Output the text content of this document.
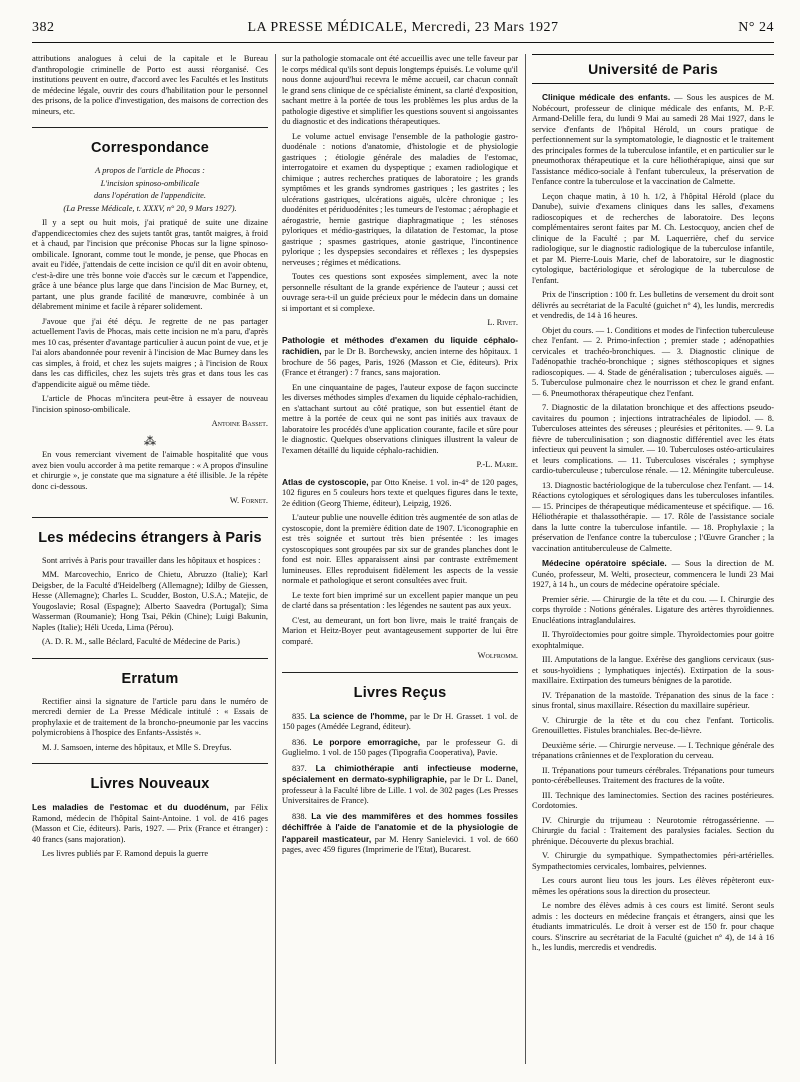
382	LA PRESSE MÉDICALE, Mercredi, 23 Mars 1927	N° 24

attributions analogues à celui de la capitale et le Bureau d'anthropologie criminelle de Porto est aussi réorganisé. Ces institutions peuvent en outre, d'accord avec les Facultés et les Instituts de médecine légale, ouvrir des cours d'habilitation pour le personnel des prisons, de la police d'investigation, des maisons de correction des mineurs, etc.

Correspondance

A propos de l'article de Phocas :

L'incision spinoso-ombilicale

dans l'opération de l'appendicite.

(La Presse Médicale, t. XXXV, n° 20, 9 Mars 1927).

Il y a sept ou huit mois, j'ai pratiqué de suite une dizaine d'appendicectomies chez des sujets tantôt gras, tantôt maigres, à froid et à chaud, par l'incision que préconise Phocas sur la ligne spinoso-ombilicale. Ignorant, comme tout le monde, je pense, que Phocas en avait eu l'idée, j'attendais de cette incision ce qu'il dit en avoir obtenu, c'est-à-dire une très bonne voie d'accès sur le cæcum et l'appendice, grâce à une béance plus large que dans l'incision de Mac Burney, et, partant, une plus grande facilité de manœuvre, combinée à un délabrement minime et facile à réparer solidement.

J'avoue que j'ai été déçu. Je regrette de ne pas partager actuellement l'avis de Phocas, mais cette incision ne m'a paru, d'après mes 10 cas, présenter d'avantage particulier à aucun point de vue, et je l'ai alors abandonnée pour revenir à l'incision de Mac Burney dans les cas simples, à froid, et chez les sujets maigres ; à l'incision de Roux dans les cas difficiles, chez les sujets très gras et dans tous les cas d'appendicite aiguë ou même tiède.

L'article de Phocas m'incitera peut-être à essayer de nouveau l'incision spinoso-ombilicale.

Antoine Basset.

⁂

En vous remerciant vivement de l'aimable hospitalité que vous avez bien voulu accorder à ma petite remarque : « A propos d'insuline et chirurgie », je constate que ma signature a été illisible. Je la répète donc ci-dessous.

W. Fornet.

Les médecins étrangers à Paris

Sont arrivés à Paris pour travailler dans les hôpitaux et hospices :

MM. Marcovechio, Enrico de Chietu, Abruzzo (Italie); Karl Deigsber, de la Faculté d'Heidelberg (Allemagne); Idilby de Giessen, Hesse (Allemagne); Charles L. Scudder, Boston, U.S.A.; Matejic, de Yougoslavie; Rosal (Espagne); Alberto Saavedra (Portugal); Sima Wasserman (Roumanie); Hong Tsai, Pékin (Chine); Luigi Bakunin, Naples (Italie); Héli Uceda, Lima (Pérou).

(A. D. R. M., salle Béclard, Faculté de Médecine de Paris.)

Erratum

Rectifier ainsi la signature de l'article paru dans le numéro de mercredi dernier de La Presse Médicale intitulé : « Essais de prophylaxie et de traitement de la broncho-pneumonie par les vaccins polymicrobiens à l'hospice des Enfants-Assistés ».

M. J. Samsoen, interne des hôpitaux, et Mlle S. Dreyfus.

Livres Nouveaux

Les maladies de l'estomac et du duodénum, par Félix Ramond, médecin de l'hôpital Saint-Antoine. 1 vol. de 416 pages (Masson et Cie, éditeurs). Paris, 1927. — Prix (France et étranger) : 40 francs (sans majoration).

Les livres publiés par F. Ramond depuis la guerre

sur la pathologie stomacale ont été accueillis avec une telle faveur par le corps médical qu'ils sont depuis longtemps épuisés. Le volume qu'il nous donne aujourd'hui recevra le même accueil, car chacun connaît le grand sens clinique de ce spécialiste éminent, sa clarté d'exposition, sachant mettre à la portée de tous les problèmes les plus ardus de la pathologie digestive et simplifier les questions souvent si angoissantes du diagnostic et des indications thérapeutiques.

Le volume actuel envisage l'ensemble de la pathologie gastro-duodénale : notions d'anatomie, d'histologie et de physiologie gastriques ; étiologie générale des maladies de l'estomac, interrogatoire et examen du dyspeptique ; examen radiologique et chimique ; autres recherches pratiques de laboratoire ; les grands symptômes et les grands syndromes gastriques ; les gastrites ; les ulcérations gastriques, ulcérations aiguës, ulcère chronique ; les duodénites et périduodénites ; les tumeurs de l'estomac ; aérophagie et aérogastrie, hernie gastrique diaphragmatique ; les sténoses pyloriques et médio-gastriques, la dilatation de l'estomac, la ptose gastrique ; spasmes gastriques, atonie gastrique, l'incontinence pylorique ; les dyspepsies secondaires et réflexes ; les dyspepsies nerveuses ; régimes et médications.

Toutes ces questions sont exposées simplement, avec la note personnelle résultant de la grande expérience de l'auteur ; aussi cet ouvrage sera-t-il un guide précieux pour le médecin dans un domaine si important et si complexe.

L. Rivet.

Pathologie et méthodes d'examen du liquide céphalo-rachidien, par le Dr B. Borchewsky, ancien interne des hôpitaux. 1 brochure de 56 pages, Paris, 1926 (Masson et Cie, éditeurs). Prix (France et étranger) : 7 francs, sans majoration.

En une cinquantaine de pages, l'auteur expose de façon succincte les diverses méthodes simples d'examen du liquide céphalo-rachidien, en s'attachant surtout au côté pratique, son but essentiel étant de mettre à la portée de ceux qui ne sont pas initiés aux travaux de laboratoire les procédés d'une application courante, facile et sûre pour le diagnostic. Quelques observations cliniques illustrent la valeur de l'examen détaillé du liquide céphalo-rachidien.

P.-L. Marie.

Atlas de cystoscopie, par Otto Kneise. 1 vol. in-4° de 120 pages, 102 figures en 5 couleurs hors texte et quelques figures dans le texte, 2e édition (Georg Thieme, éditeur), Leipzig, 1926.

L'auteur publie une nouvelle édition très augmentée de son atlas de cystoscopie, dont la première édition date de 1907. L'iconographie en est très soignée et surtout très bien présentée : les images cystoscopiques sont groupées par six sur de grandes planches dont le fond est noir. Elles apparaissent ainsi par contraste extrêmement lumineuses. Elles reproduisent fidèlement les aspects de la vessie normale et pathologique et seront consultées avec fruit.

Le texte fort bien imprimé sur un excellent papier manque un peu de clarté dans sa présentation : les légendes ne sautent pas aux yeux.

C'est, au demeurant, un fort bon livre, mais le traité français de Marion et Heitz-Boyer peut avantageusement supporter de lui être comparé.

Wolfromm.

Livres Reçus

835. La science de l'homme, par le Dr H. Grasset. 1 vol. de 150 pages (Amédée Legrand, éditeur).

836. Le porpore emorragiche, par le professeur G. di Guglielmo. 1 vol. de 150 pages (Tipografia Cooperativa), Pavie.

837. La chimiothérapie anti infectieuse moderne, spécialement en dermato-syphiligraphie, par le Dr L. Danel, professeur à la Faculté libre de Lille. 1 vol. de 302 pages (Les Presses Universitaires de France).

838. La vie des mammifères et des hommes fossiles déchiffrée à l'aide de l'anatomie et de la physiologie de l'appareil masticateur, par M. Henry Sanielevici. 1 vol. de 660 pages, avec 459 figures (Imprimerie de l'Etat), Bucarest.

Université de Paris

Clinique médicale des enfants. — Sous les auspices de M. Nobécourt, professeur de clinique médicale des enfants, M. P.-F. Armand-Delille fera, du lundi 9 Mai au samedi 28 Mai 1927, dans le service d'enfants de l'hôpital Hérold, un cours pratique de perfectionnement sur la symptomatologie, le diagnostic et le traitement des principales formes de la tuberculose infantile, et en particulier sur le pneumothorax thérapeutique et la cure héliothérapique, ainsi que sur l'assistance médico-sociale à l'enfant tuberculeux, la préservation de l'enfance contre la tuberculose et la vaccination de Calmette.

Leçon chaque matin, à 10 h. 1/2, à l'hôpital Hérold (place du Danube), suivie d'examens cliniques dans les salles, d'examens radioscopiques et de recherches de laboratoire. Des leçons complémentaires seront faites par M. Ch. Lestocquoy, ancien chef de clinique de la Faculté ; par M. Laquerrière, chef du service radiologique, sur le diagnostic radiologique de la tuberculose infantile, et par M. Pierre-Louis Marie, chef de laboratoire, sur le diagnostic cytologique, bactériologique et sérologique de la tuberculose de l'enfant.

Prix de l'inscription : 100 fr. Les bulletins de versement du droit sont délivrés au secrétariat de la Faculté (guichet n° 4), les lundis, mercredis et vendredis, de 14 à 16 heures.

Objet du cours. — 1. Conditions et modes de l'infection tuberculeuse chez l'enfant. — 2. Primo-infection ; premier stade ; adénopathies cervicales et trachéo-bronchiques. — 3. Diagnostic clinique de l'adénopathie trachéo-bronchique ; signes stéthoscopiques et signes radioscopiques. — 4. Stade de généralisation ; tuberculoses aiguës. — 5. Tuberculose pulmonaire chez le nourrisson et chez le grand enfant. — 6. Pneumothorax thérapeutique chez l'enfant.

7. Diagnostic de la dilatation bronchique et des affections pseudo-cavitaires du poumon ; injections intratrachéales de lipiodol. — 8. Tuberculoses atteintes des séreuses ; pleurésies et péritonites. — 9. La fièvre de tuberculinisation ; son diagnostic différentiel avec les états infectieux qui peuvent la simuler. — 10. Tuberculoses ostéo-articulaires et leurs complications. — 11. Tuberculoses viscérales ; symphyse cardio-tuberculeuse ; tuberculose rénale. — 12. Méningite tuberculeuse.

13. Diagnostic bactériologique de la tuberculose chez l'enfant. — 14. Réactions cytologiques et sérologiques dans les tuberculoses infantiles. — 15. Principes de thérapeutique médicamenteuse et spécifique. — 16. Héliothérapie et thalassothérapie. — 17. Rôle de l'assistance sociale dans la lutte contre la tuberculose infantile. — 18. Prophylaxie ; la préservation de l'enfance contre la tuberculose ; l'Œuvre Grancher ; la vaccination antituberculeuse de Calmette.

Médecine opératoire spéciale. — Sous la direction de M. Cunéo, professeur, M. Welti, prosecteur, commencera le lundi 23 Mai 1927, à 14 h., un cours de médecine opératoire spéciale.

Premier série. — Chirurgie de la tête et du cou. — I. Chirurgie des corps thyroïde : Notions générales. Ligature des artères thyroïdiennes. Enucléations intraglandulaires.

II. Thyroïdectomies pour goitre simple. Thyroïdectomies pour goitre exophtalmique.

III. Amputations de la langue. Exérèse des ganglions cervicaux (sus- et sous-hyoïdiens ; lymphatiques injectés). Extirpation de la sous-maxillaire. Extirpation des tumeurs bénignes de la parotide.

IV. Trépanation de la mastoïde. Trépanation des sinus de la face : sinus frontal, sinus maxillaire. Résection du maxillaire supérieur.

V. Chirurgie de la tête et du cou chez l'enfant. Torticolis. Grenouillettes. Fistules branchiales. Bec-de-lièvre.

Deuxième série. — Chirurgie nerveuse. — I. Technique générale des trépanations crâniennes et de l'exploration du cerveau.

II. Trépanations pour tumeurs cérébrales. Trépanations pour tumeurs ponto-cérébelleuses. Traitement des fractures de la voûte.

III. Technique des laminectomies. Section des racines postérieures. Cordotomies.

IV. Chirurgie du trijumeau : Neurotomie rétrogassérienne. — Chirurgie du facial : Traitement des paralysies faciales. Section du phrénique. Découverte du plexus brachial.

V. Chirurgie du sympathique. Sympathectomies péri-artérielles. Sympathectomies cervicales, lombaires, pelviennes.

Les cours auront lieu tous les jours. Les élèves répèteront eux-mêmes les opérations sous la direction du prosecteur.

Le nombre des élèves admis à ces cours est limité. Seront seuls admis : les docteurs en médecine français et étrangers, ainsi que les étudiants immatriculés. Le droit à verser est de 150 fr. pour chaque cours. S'inscrire au secrétariat de la Faculté (guichet n° 4), de 14 à 16 h., les lundis, mercredis et vendredis.
